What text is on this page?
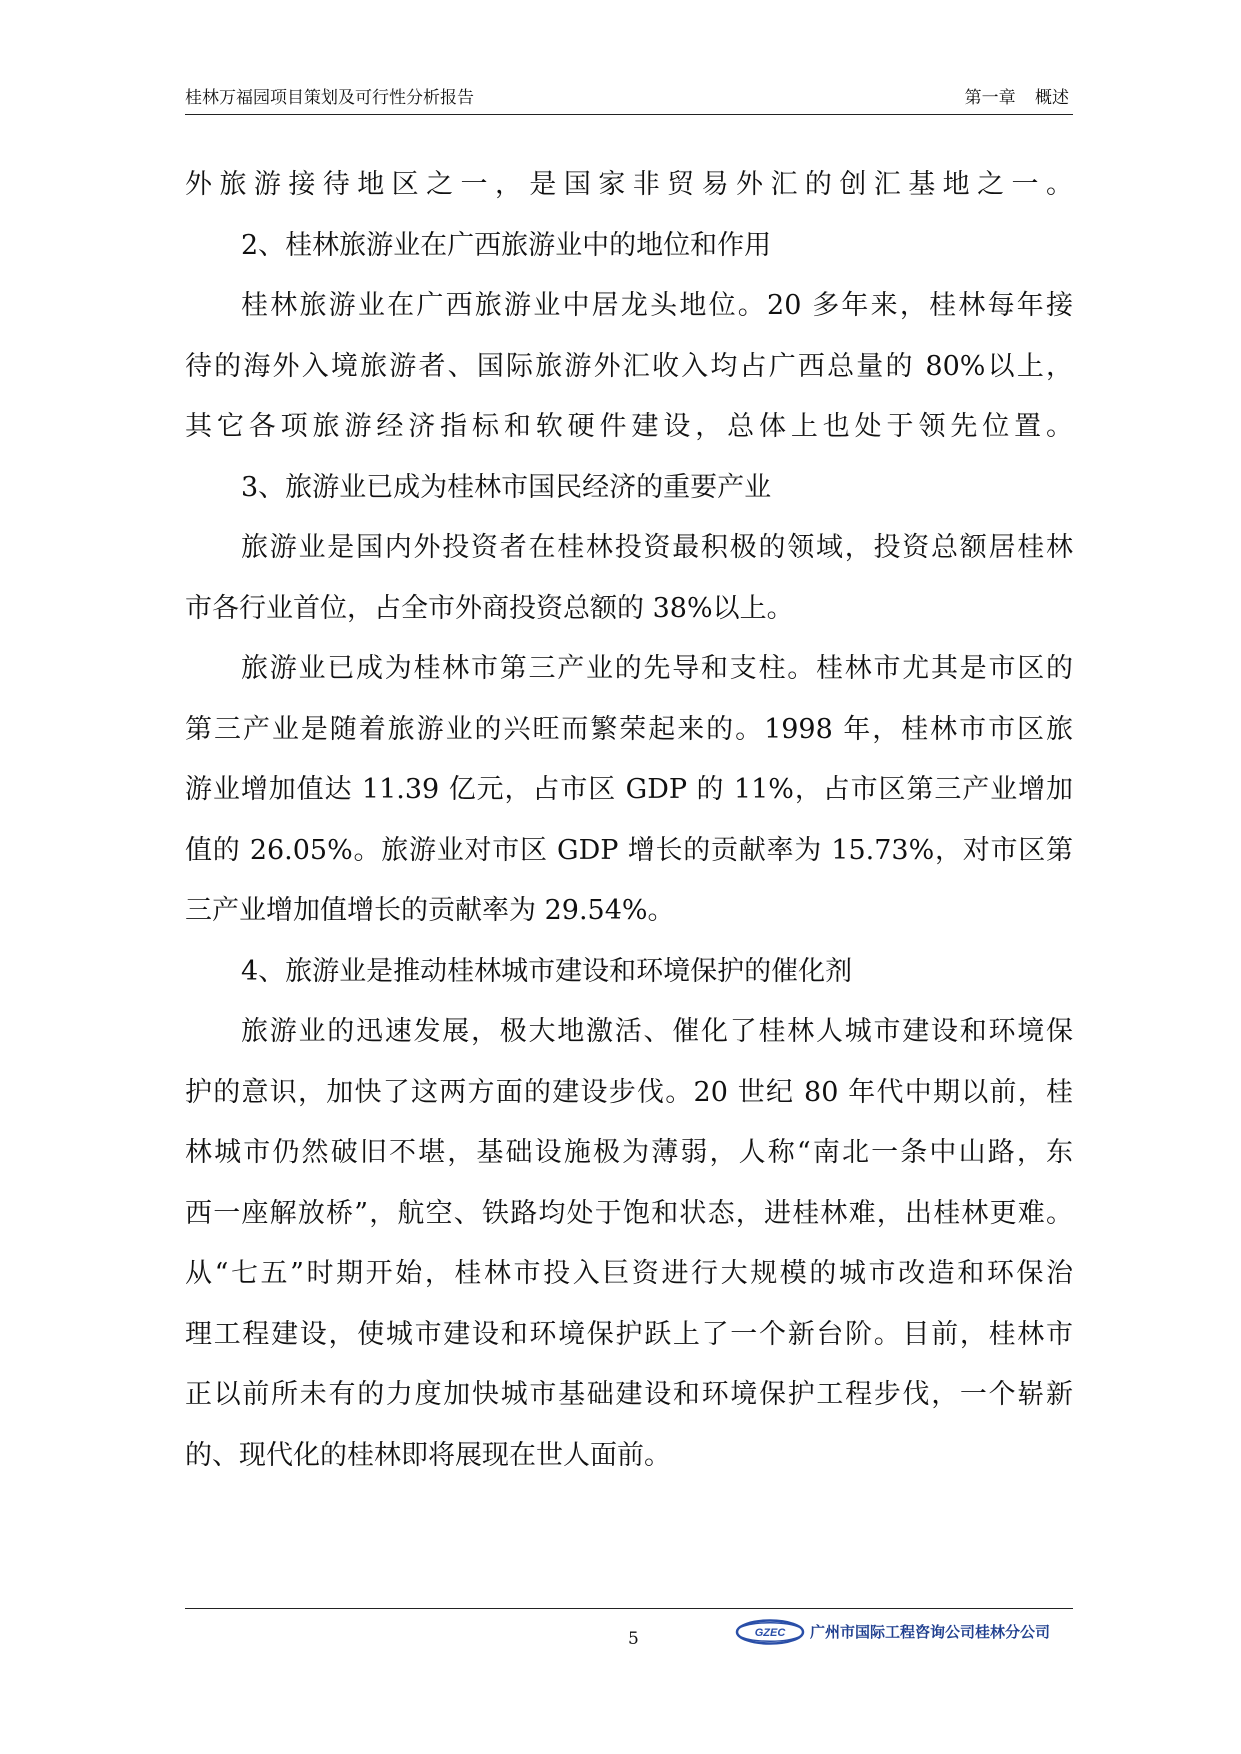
桂林万福园项目策划及可行性分析报告	第一章 概述
外旅游接待地区之一，是国家非贸易外汇的创汇基地之一。
2、桂林旅游业在广西旅游业中的地位和作用
桂林旅游业在广西旅游业中居龙头地位。20 多年来，桂林每年接
待的海外入境旅游者、国际旅游外汇收入均占广西总量的 80%以上，
其它各项旅游经济指标和软硬件建设，总体上也处于领先位置。
3、旅游业已成为桂林市国民经济的重要产业
旅游业是国内外投资者在桂林投资最积极的领域，投资总额居桂林
市各行业首位，占全市外商投资总额的 38%以上。
旅游业已成为桂林市第三产业的先导和支柱。桂林市尤其是市区的
第三产业是随着旅游业的兴旺而繁荣起来的。1998 年，桂林市市区旅
游业增加值达 11.39 亿元，占市区 GDP 的 11%，占市区第三产业增加
值的 26.05%。旅游业对市区 GDP 增长的贡献率为 15.73%，对市区第
三产业增加值增长的贡献率为 29.54%。
4、旅游业是推动桂林城市建设和环境保护的催化剂
旅游业的迅速发展，极大地激活、催化了桂林人城市建设和环境保
护的意识，加快了这两方面的建设步伐。20 世纪 80 年代中期以前，桂
林城市仍然破旧不堪，基础设施极为薄弱，人称“南北一条中山路，东
西一座解放桥”，航空、铁路均处于饱和状态，进桂林难，出桂林更难。
从“七五”时期开始，桂林市投入巨资进行大规模的城市改造和环保治
理工程建设，使城市建设和环境保护跃上了一个新台阶。目前，桂林市
正以前所未有的力度加快城市基础建设和环境保护工程步伐，一个崭新
的、现代化的桂林即将展现在世人面前。
5	GZEC 广州市国际工程咨询公司桂林分公司
